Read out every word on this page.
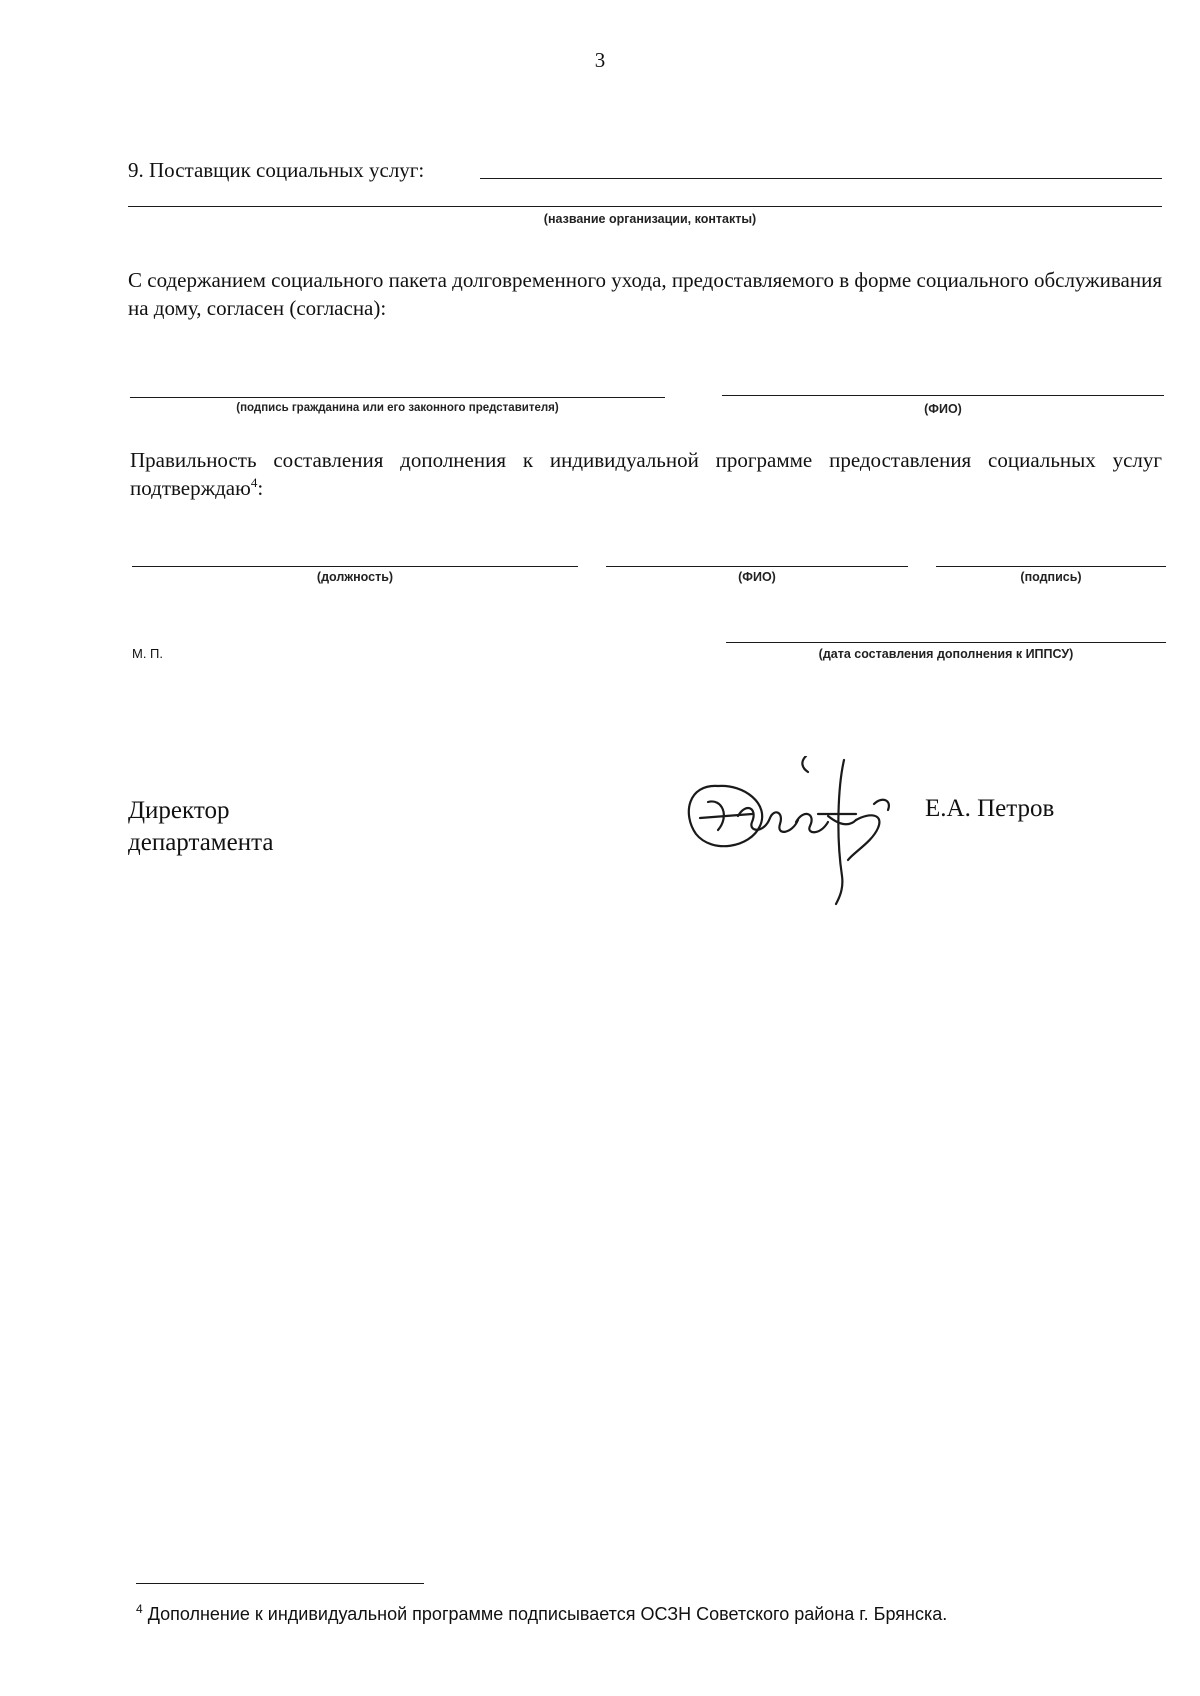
3
9. Поставщик социальных услуг:
(название организации, контакты)
С содержанием социального пакета долговременного ухода, предоставляемого в форме социального обслуживания на дому, согласен (согласна):
(подпись гражданина или его законного представителя)	(ФИО)
Правильность составления дополнения к индивидуальной программе предоставления социальных услуг подтверждаю$^4$:
(должность)	(ФИО)	(подпись)
М. П.	(дата составления дополнения к ИППСУ)
Директор
департамента
Е.А. Петров
$^4$ Дополнение к индивидуальной программе подписывается ОСЗН Советского района г. Брянска.
